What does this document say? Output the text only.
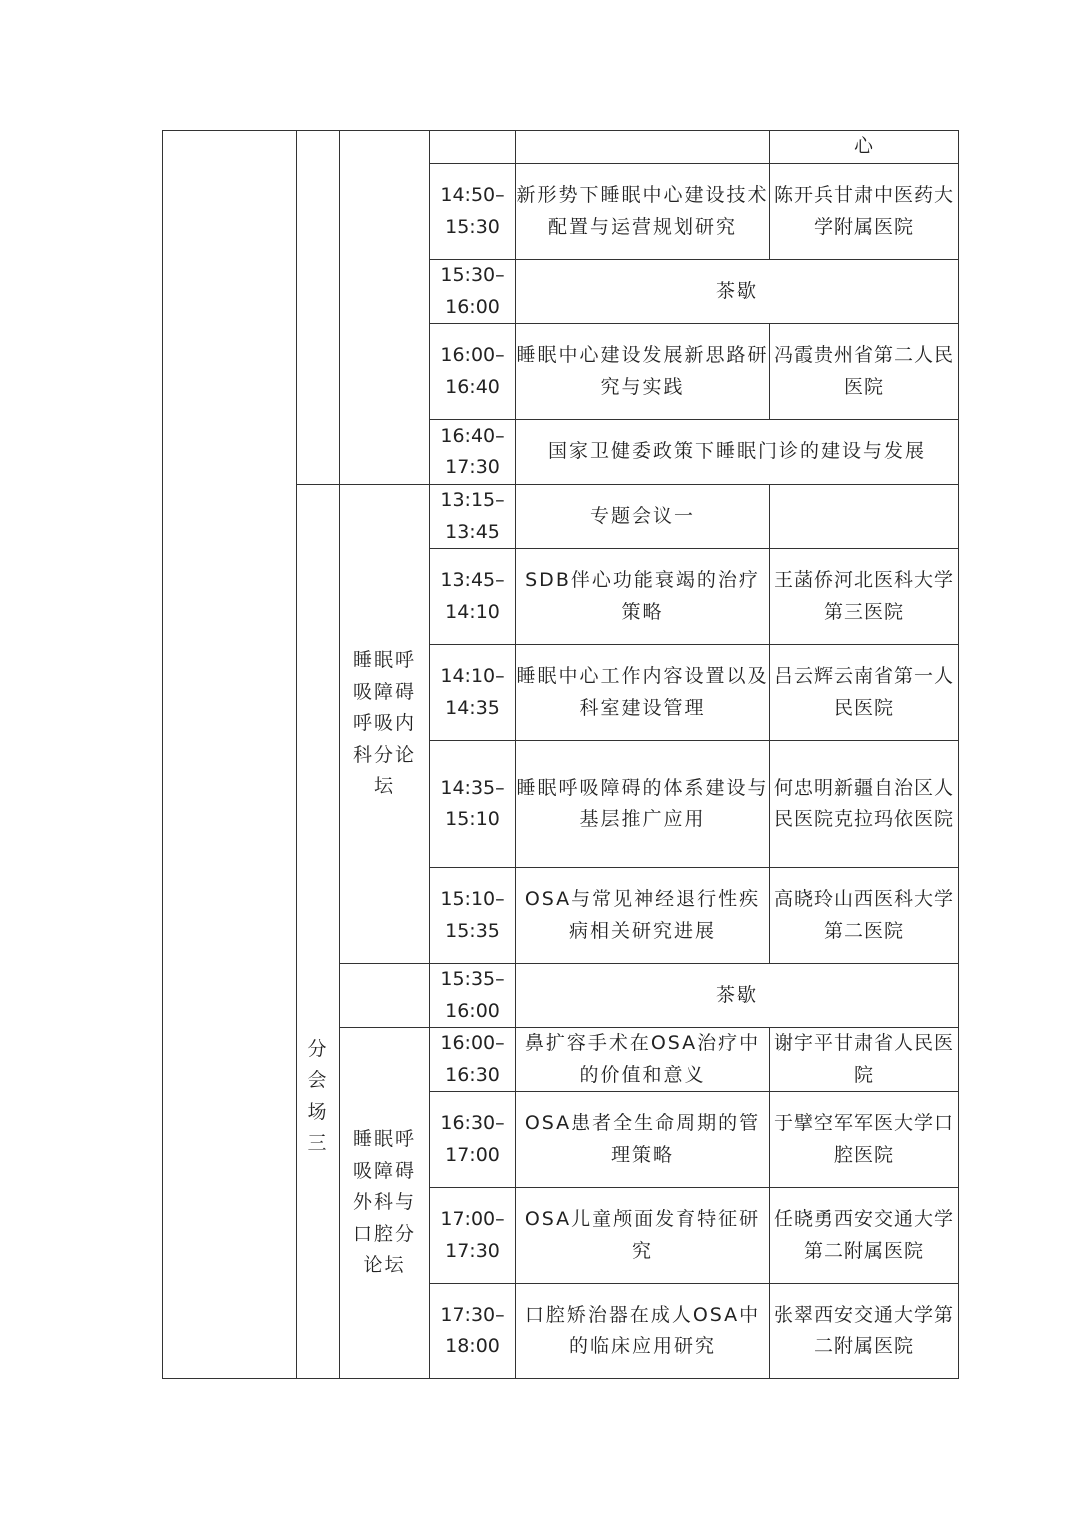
					心
			14:50–15:30	新形势下睡眠中心建设技术配置与运营规划研究	陈开兵甘肃中医药大学附属医院
			15:30–16:00	茶歇	
			16:00–16:40	睡眠中心建设发展新思路研究与实践	冯霞贵州省第二人民医院
			16:40–17:30	国家卫健委政策下睡眠门诊的建设与发展	

	分会场三	睡眠呼吸障碍呼吸内科分论坛	13:15–13:45	专题会议一	
			13:45–14:10	SDB伴心功能衰竭的治疗策略	王菡侨河北医科大学第三医院
			14:10–14:35	睡眠中心工作内容设置以及科室建设管理	吕云辉云南省第一人民医院
			14:35–15:10	睡眠呼吸障碍的体系建设与基层推广应用	何忠明新疆自治区人民医院克拉玛依医院
			15:10–15:35	OSA与常见神经退行性疾病相关研究进展	高晓玲山西医科大学第二医院
			15:35–16:00	茶歇	

		睡眠呼吸障碍外科与口腔分论坛	16:00–16:30	鼻扩容手术在OSA治疗中的价值和意义	谢宇平甘肃省人民医院
			16:30–17:00	OSA患者全生命周期的管理策略	于擘空军军医大学口腔医院
			17:00–17:30	OSA儿童颅面发育特征研究	任晓勇西安交通大学第二附属医院
			17:30–18:00	口腔矫治器在成人OSA中的临床应用研究	张翠西安交通大学第二附属医院
